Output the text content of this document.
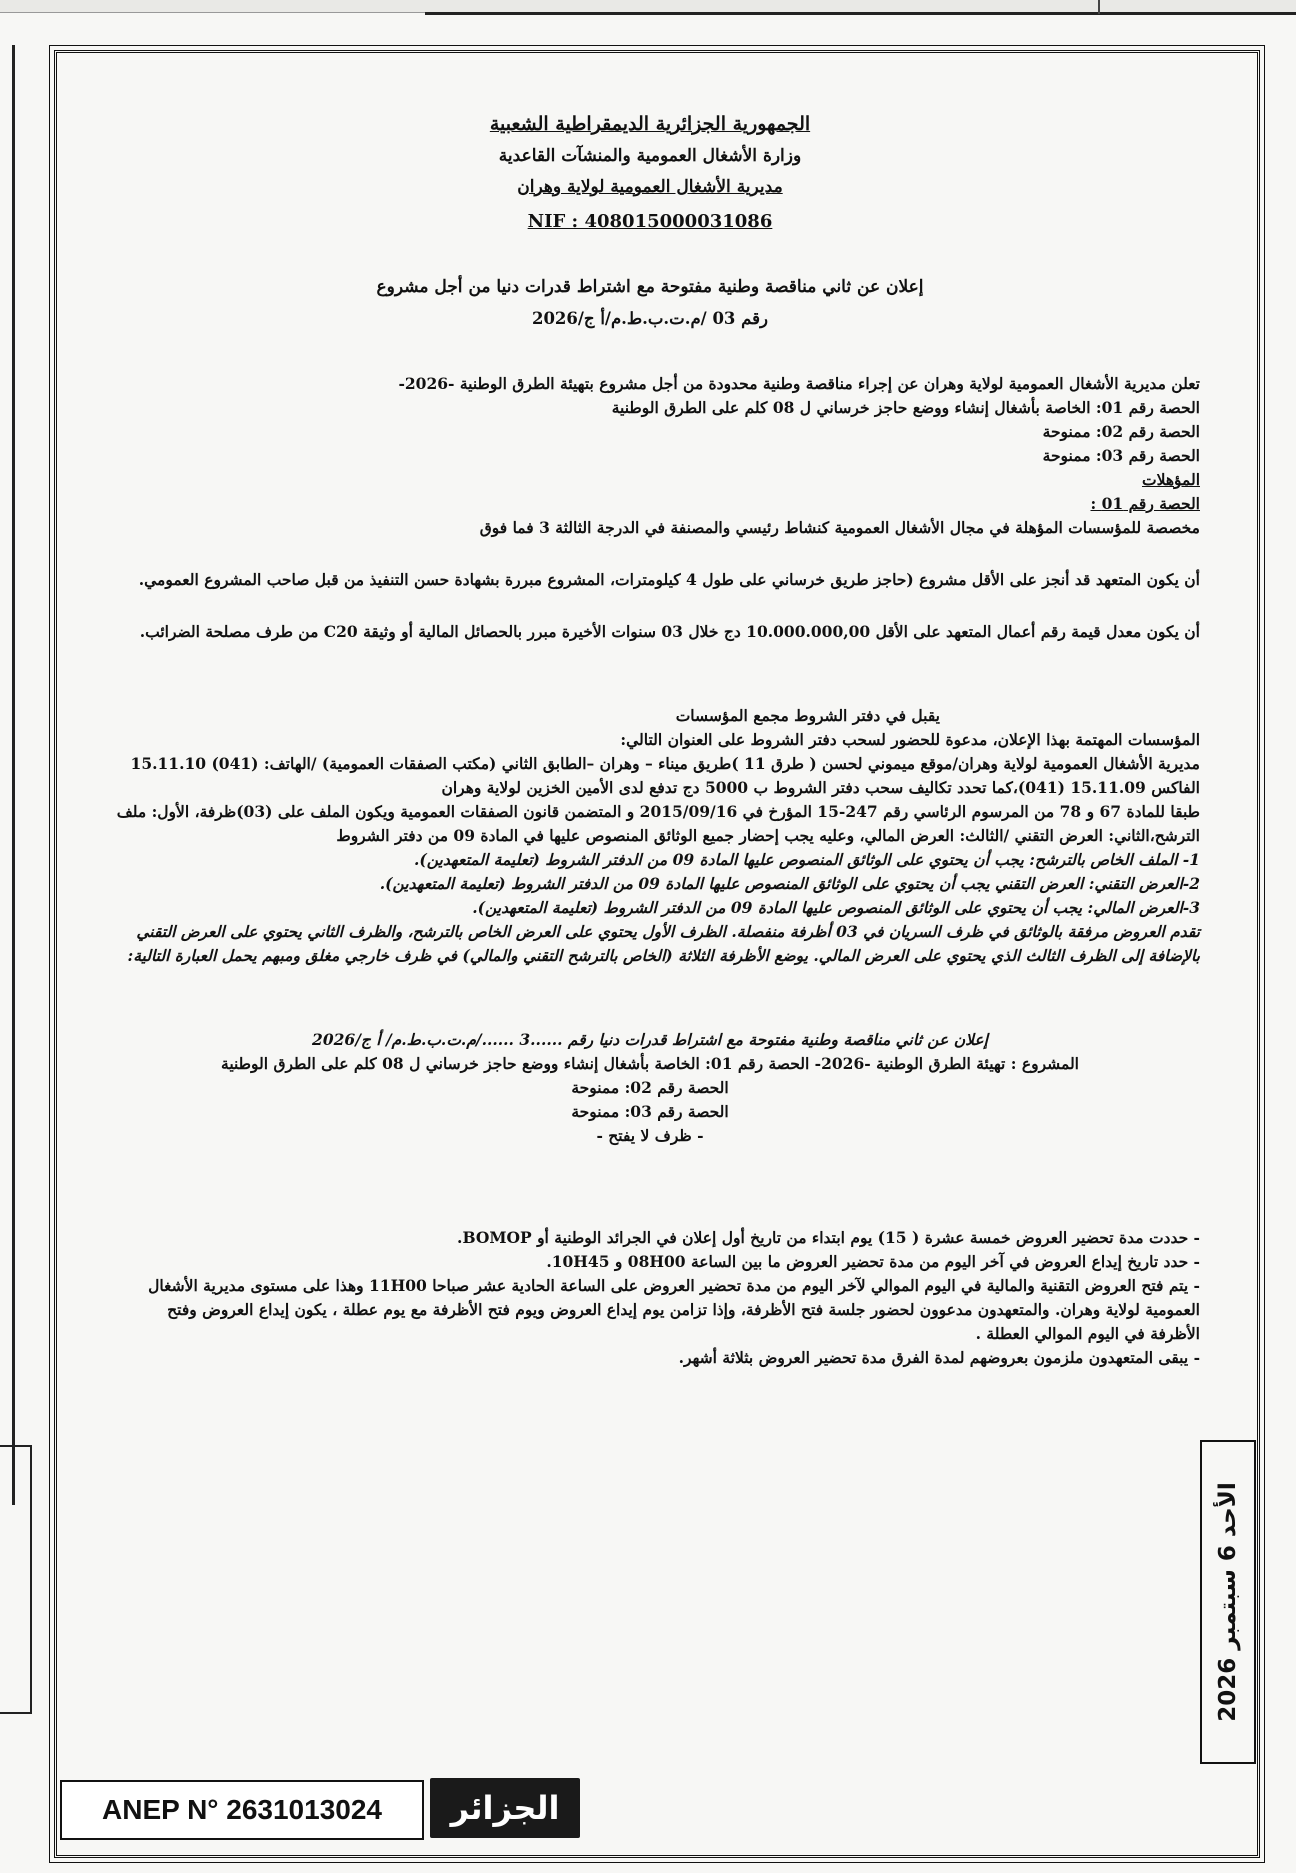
الجمهورية الجزائرية الديمقراطية الشعبية

وزارة الأشغال العمومية والمنشآت القاعدية

مديرية الأشغال العمومية لولاية وهران

NIF : 408015000031086

إعلان عن ثاني مناقصة وطنية مفتوحة مع اشتراط قدرات دنيا من أجل مشروع

رقم 03 /م.ت.ب.ط.م/أ ج/2026

تعلن مديرية الأشغال العمومية لولاية وهران عن إجراء مناقصة وطنية محدودة من أجل مشروع بتهيئة الطرق الوطنية -2026-

الحصة رقم 01: الخاصة بأشغال إنشاء ووضع حاجز خرساني ل 08 كلم على الطرق الوطنية

الحصة رقم 02: ممنوحة

الحصة رقم 03: ممنوحة

المؤهلات

الحصة رقم 01 :

مخصصة للمؤسسات المؤهلة في مجال الأشغال العمومية كنشاط رئيسي والمصنفة في الدرجة الثالثة 3 فما فوق

أن يكون المتعهد قد أنجز على الأقل مشروع (حاجز طريق خرساني على طول 4 كيلومترات، المشروع مبررة بشهادة حسن التنفيذ من قبل صاحب المشروع العمومي.

أن يكون معدل قيمة رقم أعمال المتعهد على الأقل 10.000.000,00 دج خلال 03 سنوات الأخيرة مبرر بالحصائل المالية أو وثيقة C20 من طرف مصلحة الضرائب.

يقبل في دفتر الشروط مجمع المؤسسات

المؤسسات المهتمة بهذا الإعلان، مدعوة للحضور لسحب دفتر الشروط على العنوان التالي:

مديرية الأشغال العمومية لولاية وهران/موقع ميموني لحسن ( طرق 11 )طريق ميناء – وهران –الطابق الثاني (مكتب الصفقات العمومية) /الهاتف: (041) 15.11.10

الفاكس 15.11.09 (041)،كما تحدد تكاليف سحب دفتر الشروط ب 5000 دج تدفع لدى الأمين الخزين لولاية وهران

طبقا للمادة 67 و 78 من المرسوم الرئاسي رقم 247-15 المؤرخ في 2015/09/16 و المتضمن قانون الصفقات العمومية ويكون الملف على (03)ظرفة، الأول: ملف

الترشح،الثاني: العرض التقني /الثالث: العرض المالي، وعليه يجب إحضار جميع الوثائق المنصوص عليها في المادة 09 من دفتر الشروط

1- الملف الخاص بالترشح: يجب أن يحتوي على الوثائق المنصوص عليها المادة 09 من الدفتر الشروط (تعليمة المتعهدين).

2-العرض التقني: العرض التقني يجب أن يحتوي على الوثائق المنصوص عليها المادة 09 من الدفتر الشروط (تعليمة المتعهدين).

3-العرض المالي: يجب أن يحتوي على الوثائق المنصوص عليها المادة 09 من الدفتر الشروط (تعليمة المتعهدين).

تقدم العروض مرفقة بالوثائق في ظرف السريان في 03 أظرفة منفصلة. الظرف الأول يحتوي على العرض الخاص بالترشح، والظرف الثاني يحتوي على العرض التقني

بالإضافة إلى الظرف الثالث الذي يحتوي على العرض المالي. يوضع الأظرفة الثلاثة (الخاص بالترشح التقني والمالي) في ظرف خارجي مغلق ومبهم يحمل العبارة التالية:

إعلان عن ثاني مناقصة وطنية مفتوحة مع اشتراط قدرات دنيا رقم ......3 ....../م.ت.ب.ط.م/ أ ج/2026

المشروع : تهيئة الطرق الوطنية -2026- الحصة رقم 01: الخاصة بأشغال إنشاء ووضع حاجز خرساني ل 08 كلم على الطرق الوطنية

الحصة رقم 02: ممنوحة

الحصة رقم 03: ممنوحة

- ظرف لا يفتح -

- حددت مدة تحضير العروض خمسة عشرة ( 15) يوم ابتداء من تاريخ أول إعلان في الجرائد الوطنية أو BOMOP.

- حدد تاريخ إيداع العروض في آخر اليوم من مدة تحضير العروض ما بين الساعة 08H00 و 10H45.

- يتم فتح العروض التقنية والمالية في اليوم الموالي لآخر اليوم من مدة تحضير العروض على الساعة الحادية عشر صباحا 11H00 وهذا على مستوى مديرية الأشغال

العمومية لولاية وهران. والمتعهدون مدعوون لحضور جلسة فتح الأظرفة، وإذا تزامن يوم إيداع العروض ويوم فتح الأظرفة مع يوم عطلة ، يكون إيداع العروض وفتح

الأظرفة في اليوم الموالي العطلة .

- يبقى المتعهدون ملزمون بعروضهم لمدة الفرق مدة تحضير العروض بثلاثة أشهر.

الأحد 6 سبتمبر 2026
ANEP N° 2631013024	الجزائر
